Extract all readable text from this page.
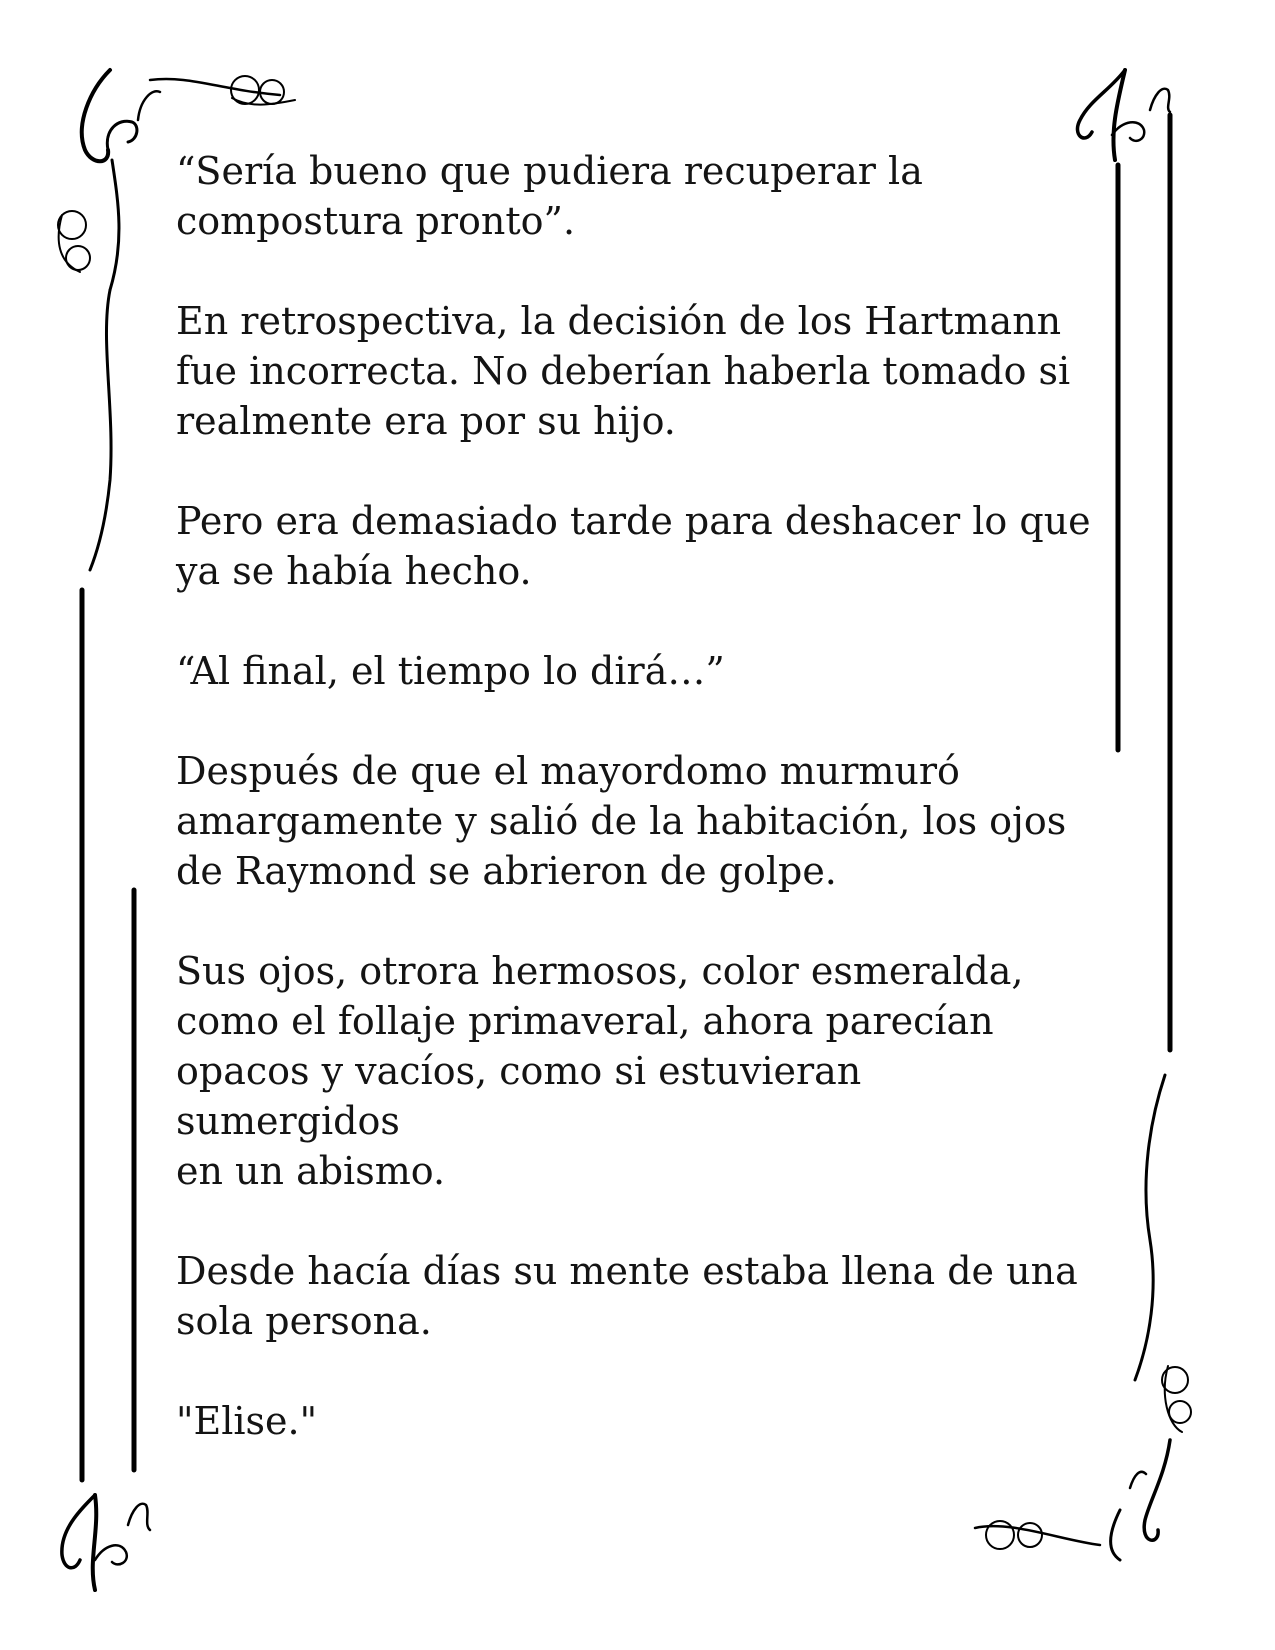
“Sería bueno que pudiera recuperar la
compostura pronto”.

En retrospectiva, la decisión de los Hartmann
fue incorrecta. No deberían haberla tomado si
realmente era por su hijo.

Pero era demasiado tarde para deshacer lo que
ya se había hecho.

“Al final, el tiempo lo dirá…”

Después de que el mayordomo murmuró
amargamente y salió de la habitación, los ojos
de Raymond se abrieron de golpe.

Sus ojos, otrora hermosos, color esmeralda,
como el follaje primaveral, ahora parecían
opacos y vacíos, como si estuvieran sumergidos
en un abismo.

Desde hacía días su mente estaba llena de una
sola persona.

"Elise."
